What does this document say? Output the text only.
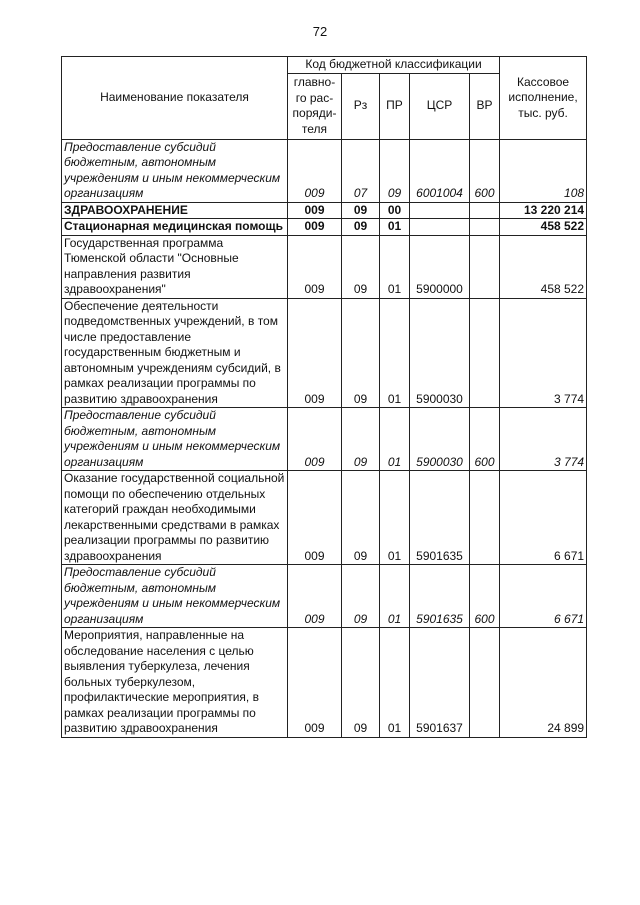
72
Наименование показателя	Код бюджетной классификации					Кассовое исполнение, тыс. руб.
	главно-го рас-поряди-теля	Рз	ПР	ЦСР	ВР	
Предоставление субсидий бюджетным, автономным учреждениям и иным некоммерческим организациям	009	07	09	6001004	600	108
ЗДРАВООХРАНЕНИЕ	009	09	00			13 220 214
Стационарная медицинская помощь	009	09	01			458 522
Государственная программа Тюменской области "Основные направления развития здравоохранения"	009	09	01	5900000		458 522
Обеспечение деятельности подведомственных учреждений, в том числе предоставление государственным бюджетным и автономным учреждениям субсидий, в рамках реализации программы по развитию здравоохранения	009	09	01	5900030		3 774
Предоставление субсидий бюджетным, автономным учреждениям и иным некоммерческим организациям	009	09	01	5900030	600	3 774
Оказание государственной социальной помощи по обеспечению отдельных категорий граждан необходимыми лекарственными средствами в рамках реализации программы по развитию здравоохранения	009	09	01	5901635		6 671
Предоставление субсидий бюджетным, автономным учреждениям и иным некоммерческим организациям	009	09	01	5901635	600	6 671
Мероприятия, направленные на обследование населения с целью выявления туберкулеза, лечения больных туберкулезом, профилактические мероприятия, в рамках реализации программы по развитию здравоохранения	009	09	01	5901637		24 899
